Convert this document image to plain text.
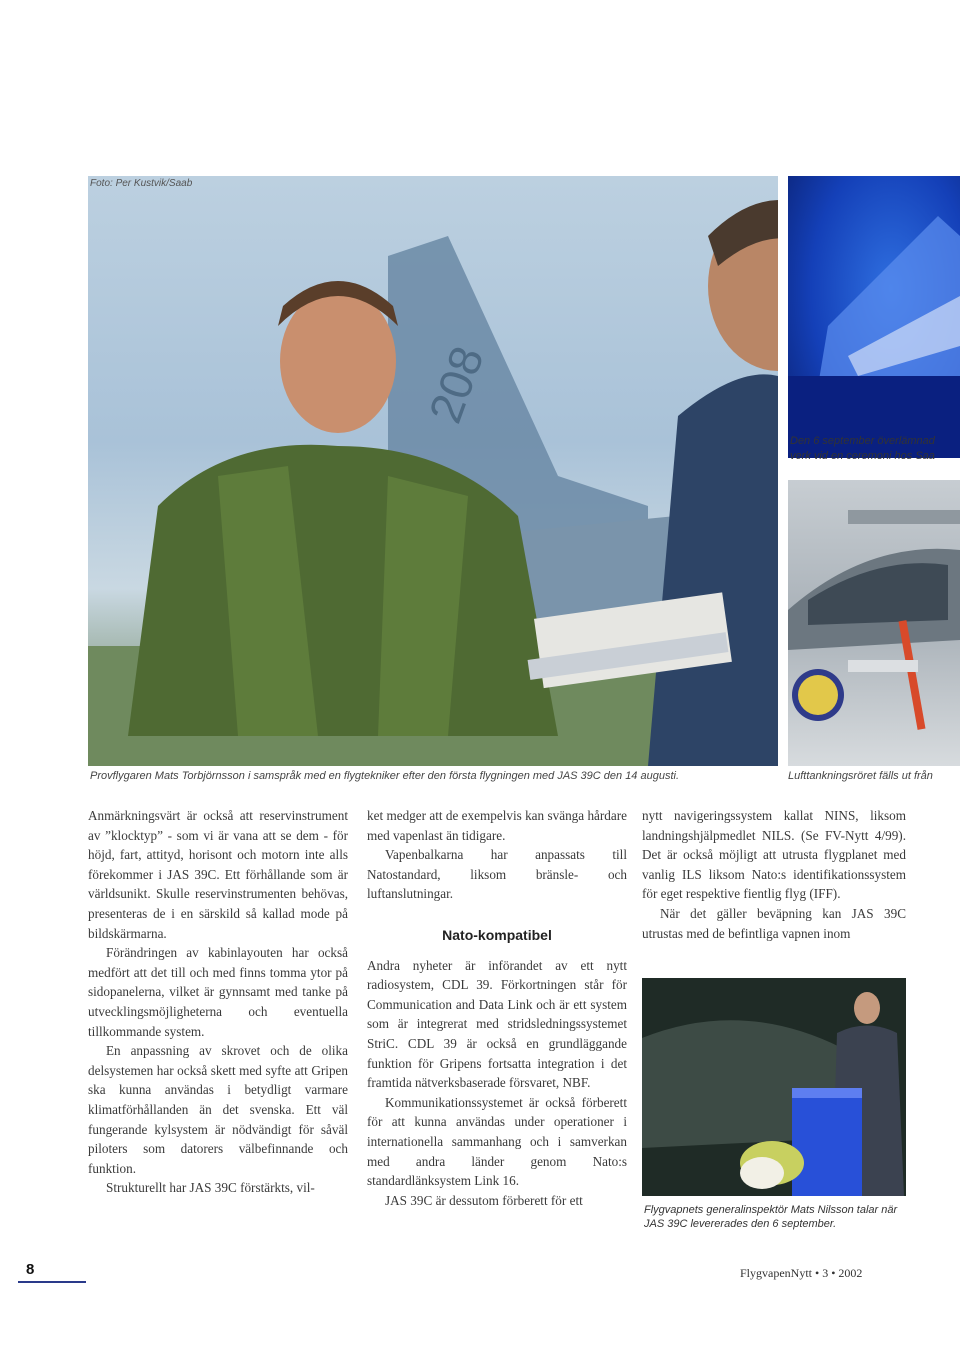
208
Foto: Per Kustvik/Saab
Den 6 september överlämnad
verk vid en ceremoni hos Saa
Provflygaren Mats Torbjörnsson i samspråk med en flygtekniker efter den första flygningen med JAS 39C den 14 augusti.	Lufttankningsröret fälls ut från

Anmärkningsvärt är också att reservinstrument av ”klocktyp” - som vi är vana att se dem - för höjd, fart, attityd, horisont och motorn inte alls förekommer i JAS 39C. Ett förhållande som är världsunikt. Skulle reservinstrumenten behövas, presenteras de i en särskild så kallad mode på bildskärmarna.

Förändringen av kabinlayouten har också medfört att det till och med finns tomma ytor på sidopanelerna, vilket är gynnsamt med tanke på utvecklingsmöjligheterna och eventuella tillkommande system.

En anpassning av skrovet och de olika delsystemen har också skett med syfte att Gripen ska kunna användas i betydligt varmare klimatförhållanden än det svenska. Ett väl fungerande kylsystem är nödvändigt för såväl piloters som datorers välbefinnande och funktion.

Strukturellt har JAS 39C förstärkts, vil-

ket medger att de exempelvis kan svänga hårdare med vapenlast än tidigare.

Vapenbalkarna har anpassats till Natostandard, liksom bränsle- och luftanslutningar.

Nato-kompatibel

Andra nyheter är införandet av ett nytt radiosystem, CDL 39. Förkortningen står för Communication and Data Link och är ett system som är integrerat med stridsledningssystemet StriC. CDL 39 är också en grundläggande funktion för Gripens fortsatta integration i det framtida nätverksbaserade försvaret, NBF.

Kommunikationssystemet är också förberett för att kunna användas under operationer i internationella sammanhang och i samverkan med andra länder genom Nato:s standardlänksystem Link 16.

JAS 39C är dessutom förberett för ett

nytt navigeringssystem kallat NINS, liksom landningshjälpmedlet NILS. (Se FV-Nytt 4/99). Det är också möjligt att utrusta flygplanet med vanlig ILS liksom Nato:s identifikationssystem för eget respektive fientlig flyg (IFF).

När det gäller beväpning kan JAS 39C utrustas med de befintliga vapnen inom

Flygvapnets generalinspektör Mats Nilsson talar när JAS 39C levererades den 6 september.
8	FlygvapenNytt • 3 • 2002
